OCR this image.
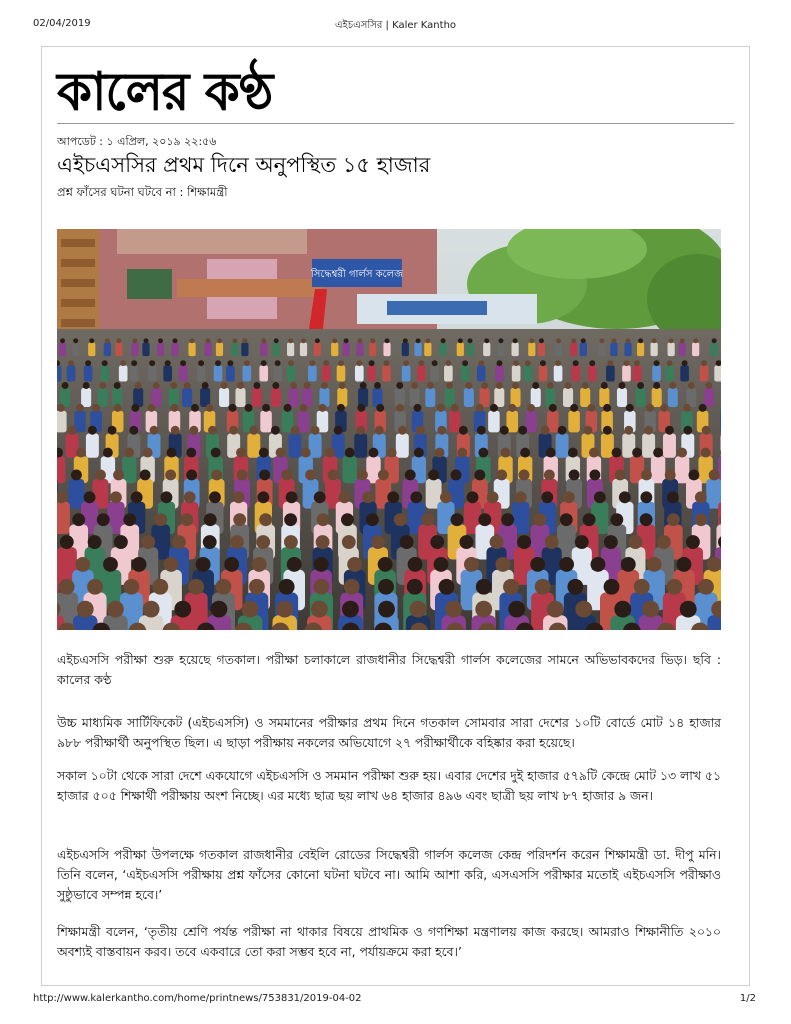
02/04/2019	এইচএসসির | Kaler Kantho
কালের কণ্ঠ
আপডেট : ১ এপ্রিল, ২০১৯ ২২:৫৬
এইচএসসির প্রথম দিনে অনুপস্থিত ১৫ হাজার
প্রশ্ন ফাঁসের ঘটনা ঘটবে না : শিক্ষামন্ত্রী
সিদ্ধেশ্বরী গার্লস কলেজ

এইচএসসি পরীক্ষা শুরু হয়েছে গতকাল। পরীক্ষা চলাকালে রাজধানীর সিদ্ধেশ্বরী গার্লস কলেজের সামনে অভিভাবকদের ভিড়। ছবি : কালের কণ্ঠ

উচ্চ মাধ্যমিক সার্টিফিকেট (এইচএসসি) ও সমমানের পরীক্ষার প্রথম দিনে গতকাল সোমবার সারা দেশের ১০টি বোর্ডে মোট ১৪ হাজার ৯৮৮ পরীক্ষার্থী অনুপস্থিত ছিল। এ ছাড়া পরীক্ষায় নকলের অভিযোগে ২৭ পরীক্ষার্থীকে বহিষ্কার করা হয়েছে।

সকাল ১০টা থেকে সারা দেশে একযোগে এইচএসসি ও সমমান পরীক্ষা শুরু হয়। এবার দেশের দুই হাজার ৫৭৯টি কেন্দ্রে মোট ১৩ লাখ ৫১ হাজার ৫০৫ শিক্ষার্থী পরীক্ষায় অংশ নিচ্ছে। এর মধ্যে ছাত্র ছয় লাখ ৬৪ হাজার ৪৯৬ এবং ছাত্রী ছয় লাখ ৮৭ হাজার ৯ জন।

এইচএসসি পরীক্ষা উপলক্ষে গতকাল রাজধানীর বেইলি রোডের সিদ্ধেশ্বরী গার্লস কলেজ কেন্দ্র পরিদর্শন করেন শিক্ষামন্ত্রী ডা. দীপু মনি। তিনি বলেন, ‘এইচএসসি পরীক্ষায় প্রশ্ন ফাঁসের কোনো ঘটনা ঘটবে না। আমি আশা করি, এসএসসি পরীক্ষার মতোই এইচএসসি পরীক্ষাও সুষ্ঠুভাবে সম্পন্ন হবে।’

শিক্ষামন্ত্রী বলেন, ‘তৃতীয় শ্রেণি পর্যন্ত পরীক্ষা না থাকার বিষয়ে প্রাথমিক ও গণশিক্ষা মন্ত্রণালয় কাজ করছে। আমরাও শিক্ষানীতি ২০১০ অবশ্যই বাস্তবায়ন করব। তবে একবারে তো করা সম্ভব হবে না, পর্যায়ক্রমে করা হবে।’

http://www.kalerkantho.com/home/printnews/753831/2019-04-02	1/2
